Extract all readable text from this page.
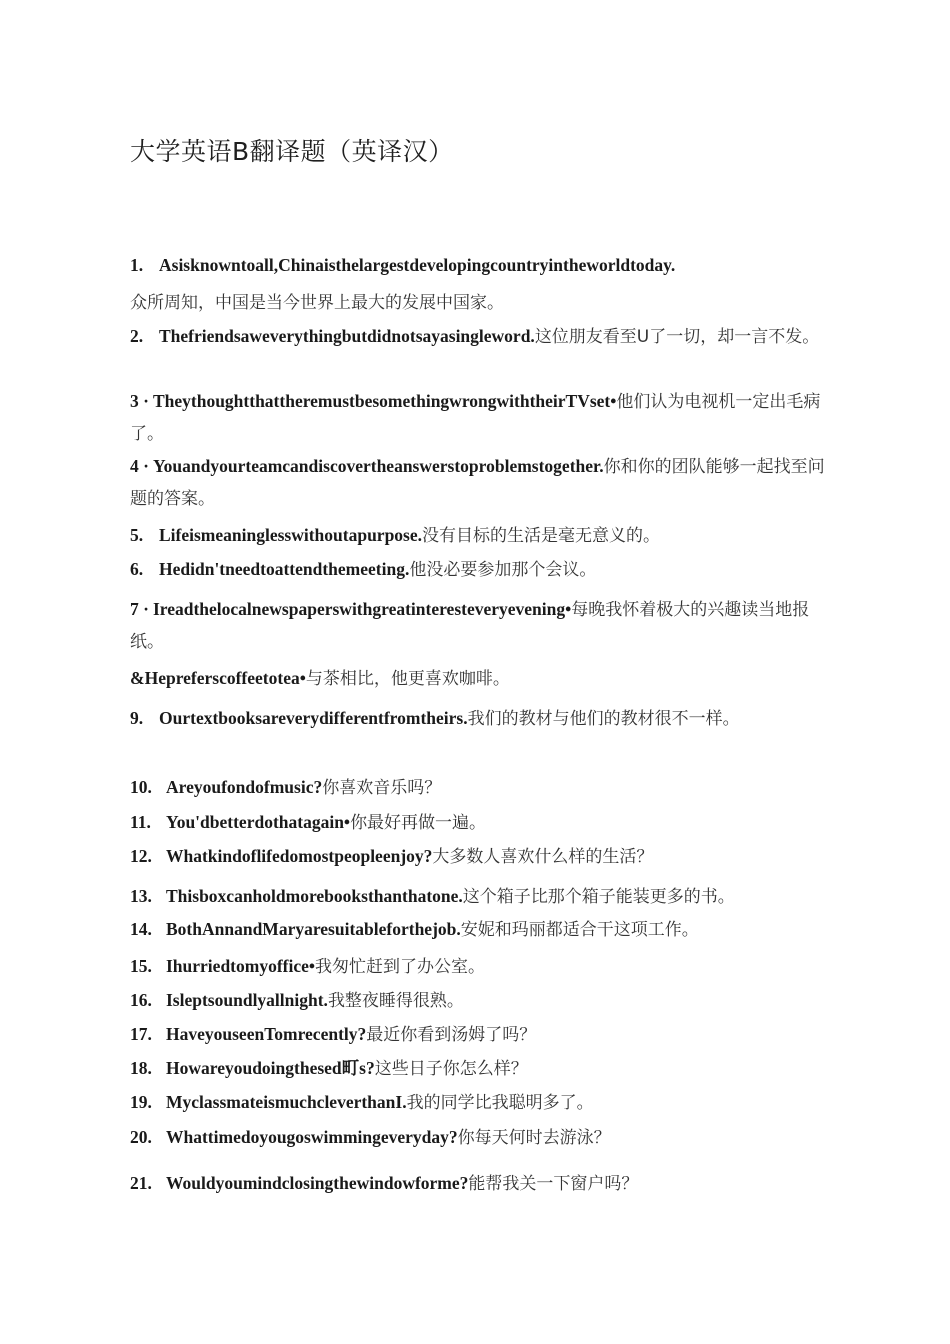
大学英语B翻译题（英译汉）
1. Asisknowntoall,Chinaisthelargestdevelopingcountryintheworldtoday.
众所周知，中国是当今世界上最大的发展中国家。
2. Thefriendsaweverythingbutdidnotsayasingleword.这位朋友看至U了一切，却一言不发。
3 · TheythoughtthattheremustbesomethingwrongwiththeirTVset•他们认为电视机一定出毛病了。
4 · Youandyourteamcandiscovertheanswerstoproblemstogether.你和你的团队能够一起找至问题的答案。
5. Lifeismeaninglesswithoutapurpose.没有目标的生活是毫无意义的。
6. Hedidn'tneedtoattendthemeeting.他没必要参加那个会议。
7 · Ireadthelocalnewspaperswithgreatinteresteveryevening•每晚我怀着极大的兴趣读当地报纸。
&Heprefers​coffeetotea•与茶相比，他更喜欢咖啡。
9. Ourtextbooksareverydifferentfromtheirs.我们的教材与他们的教材很不一样。
10. Areyoufondofmusic?你喜欢音乐吗？
11. You'dbetterdothatagain•你最好再做一遍。
12. Whatkindoflifedomostpeopleenjoy?大多数人喜欢什么样的生活？
13. Thisboxcanholdmorebooksthanthatone.这个箱子比那个箱子能装更多的书。
14. BothAnnandMaryaresuitableforthejob.安妮和玛丽都适合干这项工作。
15. Ihurriedtomyoffice•我匆忙赶到了办公室。
16. Isleptsoundlyallnight.我整夜睡得很熟。
17. HaveyouseenTomrecently?最近你看到汤姆了吗？
18. Howareyoudoingthesed町s?这些日子你怎么样？
19. MyclassmateismuchcleverthanI.我的同学比我聪明多了。
20. Whattimedoyougoswimmingeveryday?你每天何时去游泳？
21. Wouldyoumindclosingthewindowforme?能帮我关一下窗户吗？
